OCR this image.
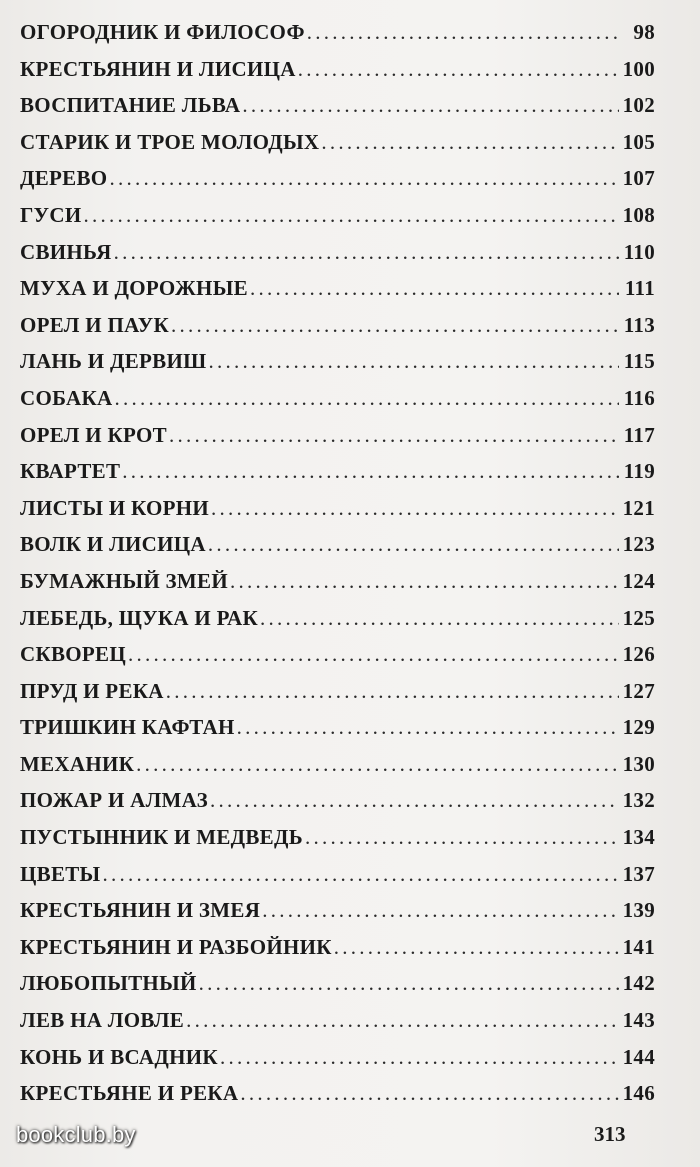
ОГОРОДНИК И ФИЛОСОФ . . .	98
КРЕСТЬЯНИН И ЛИСИЦА . . .	100
ВОСПИТАНИЕ ЛЬВА . . .	102
СТАРИК И ТРОЕ МОЛОДЫХ . . .	105
ДЕРЕВО . . .	107
ГУСИ . . .	108
СВИНЬЯ . . .	110
МУХА И ДОРОЖНЫЕ . . .	111
ОРЕЛ И ПАУК . . .	113
ЛАНЬ И ДЕРВИШ . . .	115
СОБАКА . . .	116
ОРЕЛ И КРОТ . . .	117
КВАРТЕТ . . .	119
ЛИСТЫ И КОРНИ . . .	121
ВОЛК И ЛИСИЦА . . .	123
БУМАЖНЫЙ ЗМЕЙ . . .	124
ЛЕБЕДЬ, ЩУКА И РАК . . .	125
СКВОРЕЦ . . .	126
ПРУД И РЕКА . . .	127
ТРИШКИН КАФТАН . . .	129
МЕХАНИК . . .	130
ПОЖАР И АЛМАЗ . . .	132
ПУСТЫННИК И МЕДВЕДЬ . . .	134
ЦВЕТЫ . . .	137
КРЕСТЬЯНИН И ЗМЕЯ . . .	139
КРЕСТЬЯНИН И РАЗБОЙНИК . . .	141
ЛЮБОПЫТНЫЙ . . .	142
ЛЕВ НА ЛОВЛЕ . . .	143
КОНЬ И ВСАДНИК . . .	144
КРЕСТЬЯНЕ И РЕКА . . .	146
313
bookclub.by
